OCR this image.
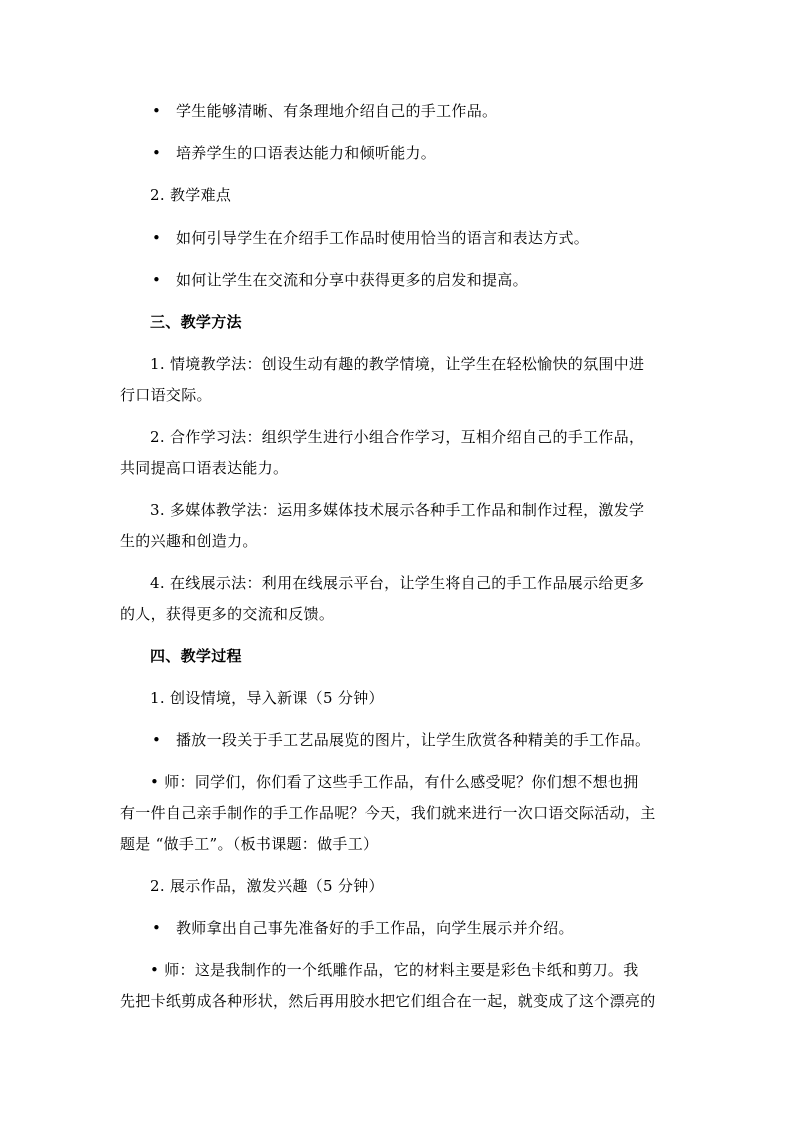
• 学生能够清晰、有条理地介绍自己的手工作品。
• 培养学生的口语表达能力和倾听能力。
2. 教学难点
• 如何引导学生在介绍手工作品时使用恰当的语言和表达方式。
• 如何让学生在交流和分享中获得更多的启发和提高。
三、教学方法
1. 情境教学法：创设生动有趣的教学情境，让学生在轻松愉快的氛围中进
行口语交际。
2. 合作学习法：组织学生进行小组合作学习，互相介绍自己的手工作品，
共同提高口语表达能力。
3. 多媒体教学法：运用多媒体技术展示各种手工作品和制作过程，激发学
生的兴趣和创造力。
4. 在线展示法：利用在线展示平台，让学生将自己的手工作品展示给更多
的人，获得更多的交流和反馈。
四、教学过程
1. 创设情境，导入新课（5 分钟）
• 播放一段关于手工艺品展览的图片，让学生欣赏各种精美的手工作品。
• 师：同学们，你们看了这些手工作品，有什么感受呢？你们想不想也拥
有一件自己亲手制作的手工作品呢？今天，我们就来进行一次口语交际活动，主
题是 “做手工”。（板书课题：做手工）
2. 展示作品，激发兴趣（5 分钟）
• 教师拿出自己事先准备好的手工作品，向学生展示并介绍。
• 师：这是我制作的一个纸雕作品，它的材料主要是彩色卡纸和剪刀。我
先把卡纸剪成各种形状，然后再用胶水把它们组合在一起，就变成了这个漂亮的
